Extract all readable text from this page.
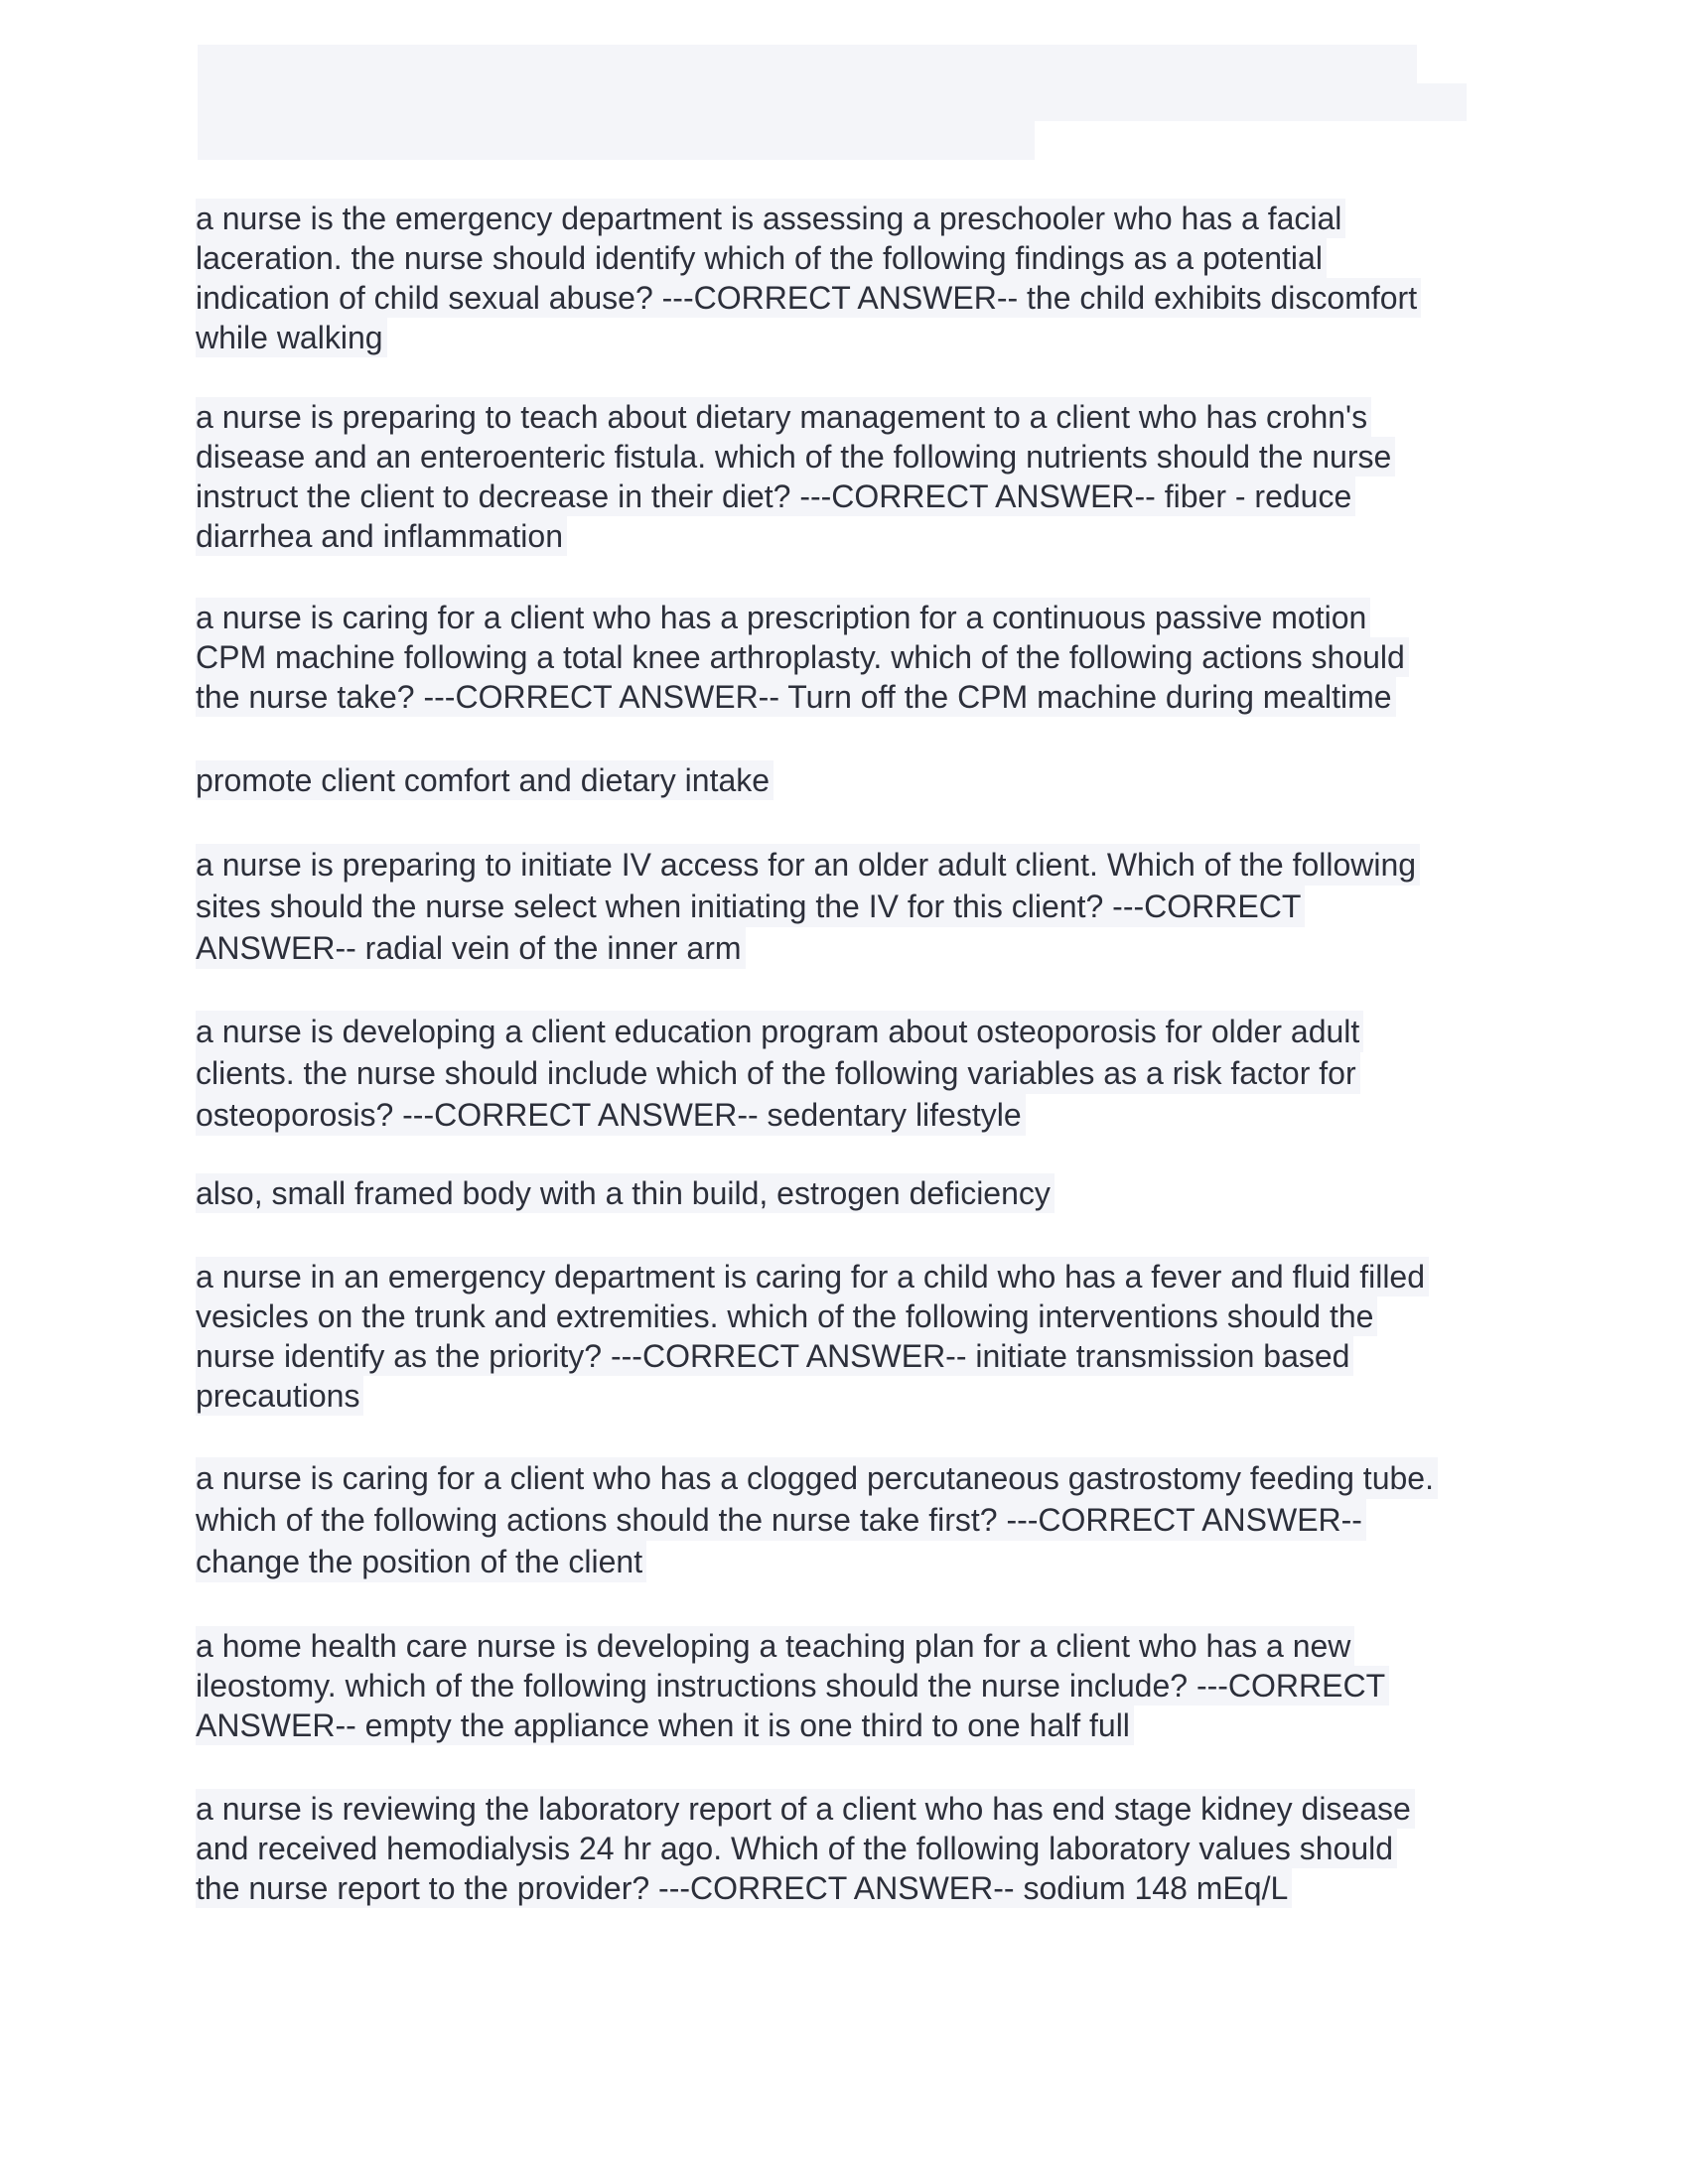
a nurse is the emergency department is assessing a preschooler who has a facial
laceration. the nurse should identify which of the following findings as a potential
indication of child sexual abuse? ---CORRECT ANSWER-- the child exhibits discomfort
while walking
a nurse is preparing to teach about dietary management to a client who has crohn's
disease and an enteroenteric fistula. which of the following nutrients should the nurse
instruct the client to decrease in their diet? ---CORRECT ANSWER-- fiber - reduce
diarrhea and inflammation
a nurse is caring for a client who has a prescription for a continuous passive motion
CPM machine following a total knee arthroplasty. which of the following actions should
the nurse take? ---CORRECT ANSWER-- Turn off the CPM machine during mealtime
promote client comfort and dietary intake
a nurse is preparing to initiate IV access for an older adult client. Which of the following
sites should the nurse select when initiating the IV for this client? ---CORRECT
ANSWER-- radial vein of the inner arm
a nurse is developing a client education program about osteoporosis for older adult
clients. the nurse should include which of the following variables as a risk factor for
osteoporosis? ---CORRECT ANSWER-- sedentary lifestyle
also, small framed body with a thin build, estrogen deficiency
a nurse in an emergency department is caring for a child who has a fever and fluid filled
vesicles on the trunk and extremities. which of the following interventions should the
nurse identify as the priority? ---CORRECT ANSWER-- initiate transmission based
precautions
a nurse is caring for a client who has a clogged percutaneous gastrostomy feeding tube.
which of the following actions should the nurse take first? ---CORRECT ANSWER--
change the position of the client
a home health care nurse is developing a teaching plan for a client who has a new
ileostomy. which of the following instructions should the nurse include? ---CORRECT
ANSWER-- empty the appliance when it is one third to one half full
a nurse is reviewing the laboratory report of a client who has end stage kidney disease
and received hemodialysis 24 hr ago. Which of the following laboratory values should
the nurse report to the provider? ---CORRECT ANSWER-- sodium 148 mEq/L
